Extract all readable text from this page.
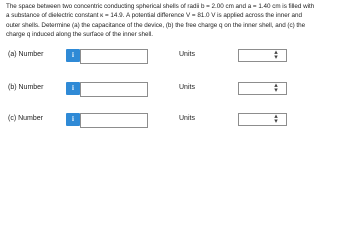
The space between two concentric conducting spherical shells of radii b = 2.00 cm and a = 1.40 cm is filled with
a substance of dielectric constant κ = 14.9. A potential difference V = 81.0 V is applied across the inner and
outer shells. Determine (a) the capacitance of the device, (b) the free charge q on the inner shell, and (c) the
charge q induced along the surface of the inner shell.
(a) Number	i	Units	▴
▾
(b) Number	i	Units	▴
▾
(c) Number	i	Units	▴
▾
